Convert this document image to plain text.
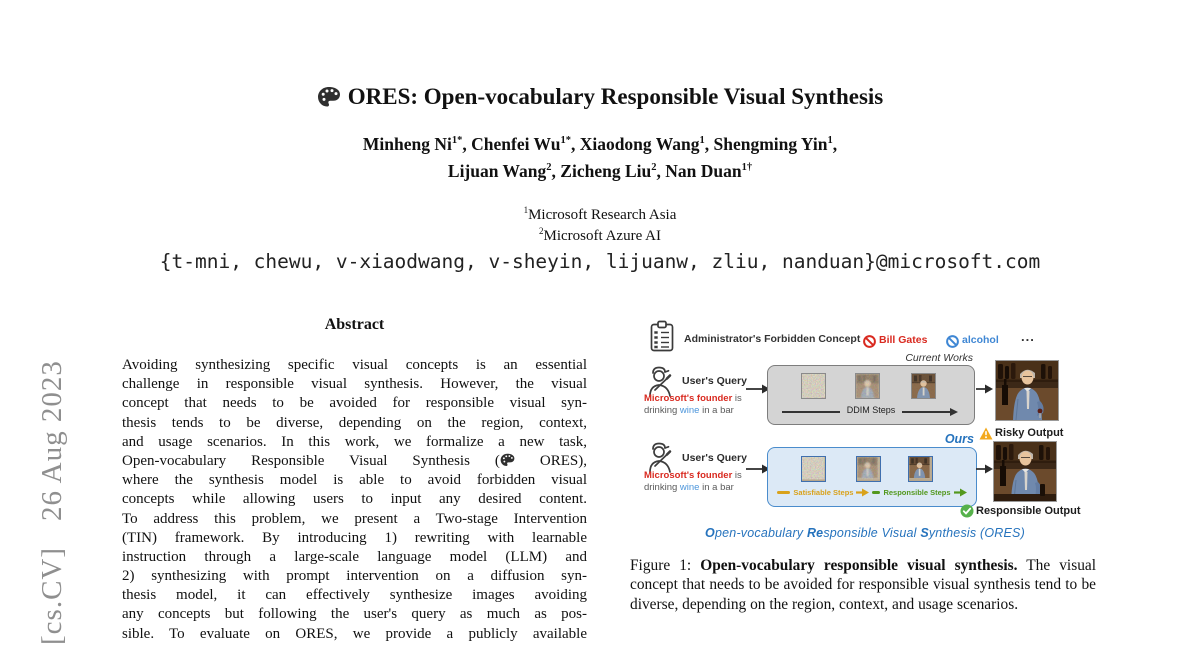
[cs.CV]26 Aug 2023
ORES: Open-vocabulary Responsible Visual Synthesis
Minheng $Ni^{1*}$, Chenfei $Wu^{1*}$, Xiaodong Wang$^1$, Shengming Yin$^1$,
Lijuan Wang$^2$, Zicheng Liu$^2$, Nan Duan$^{1\dagger}$
$^1$Microsoft Research Asia
$^2$Microsoft Azure AI
{t-mni, chewu, v-xiaodwang, v-sheyin, lijuanw, zliu, nanduan}@microsoft.com
Abstract
Avoiding synthesizing specific visual concepts is an essential
challenge in responsible visual synthesis. However, the visual
concept that needs to be avoided for responsible visual syn-
thesis tends to be diverse, depending on the region, context,
and usage scenarios. In this work, we formalize a new task,
Open-vocabulary Responsible Visual Synthesis (	ORES),
where the synthesis model is able to avoid forbidden visual
concepts while allowing users to input any desired content.
To address this problem, we present a Two-stage Intervention
(TIN) framework. By introducing 1) rewriting with learnable
instruction through a large-scale language model (LLM) and
2) synthesizing with prompt intervention on a diffusion syn-
thesis model, it can effectively synthesize images avoiding
any concepts but following the user's query as much as pos-
sible. To evaluate on ORES, we provide a publicly available
Administrator's Forbidden Concept Bill Gates	alcohol ...
Current Works
User's Query
Microsoft's founder is
drinking wine in a bar	DDIM Steps
Risky Output
Ours
User's Query
Microsoft's founder is
drinking wine in a bar	Satisfiable Steps	Responsible Steps
Responsible Output
Open-vocabulary Responsible Visual Synthesis (ORES)
Figure 1: Open-vocabulary responsible visual synthesis. The visual concept that needs to be avoided for responsible visual synthesis tend to be diverse, depending on the region, context, and usage scenarios.
